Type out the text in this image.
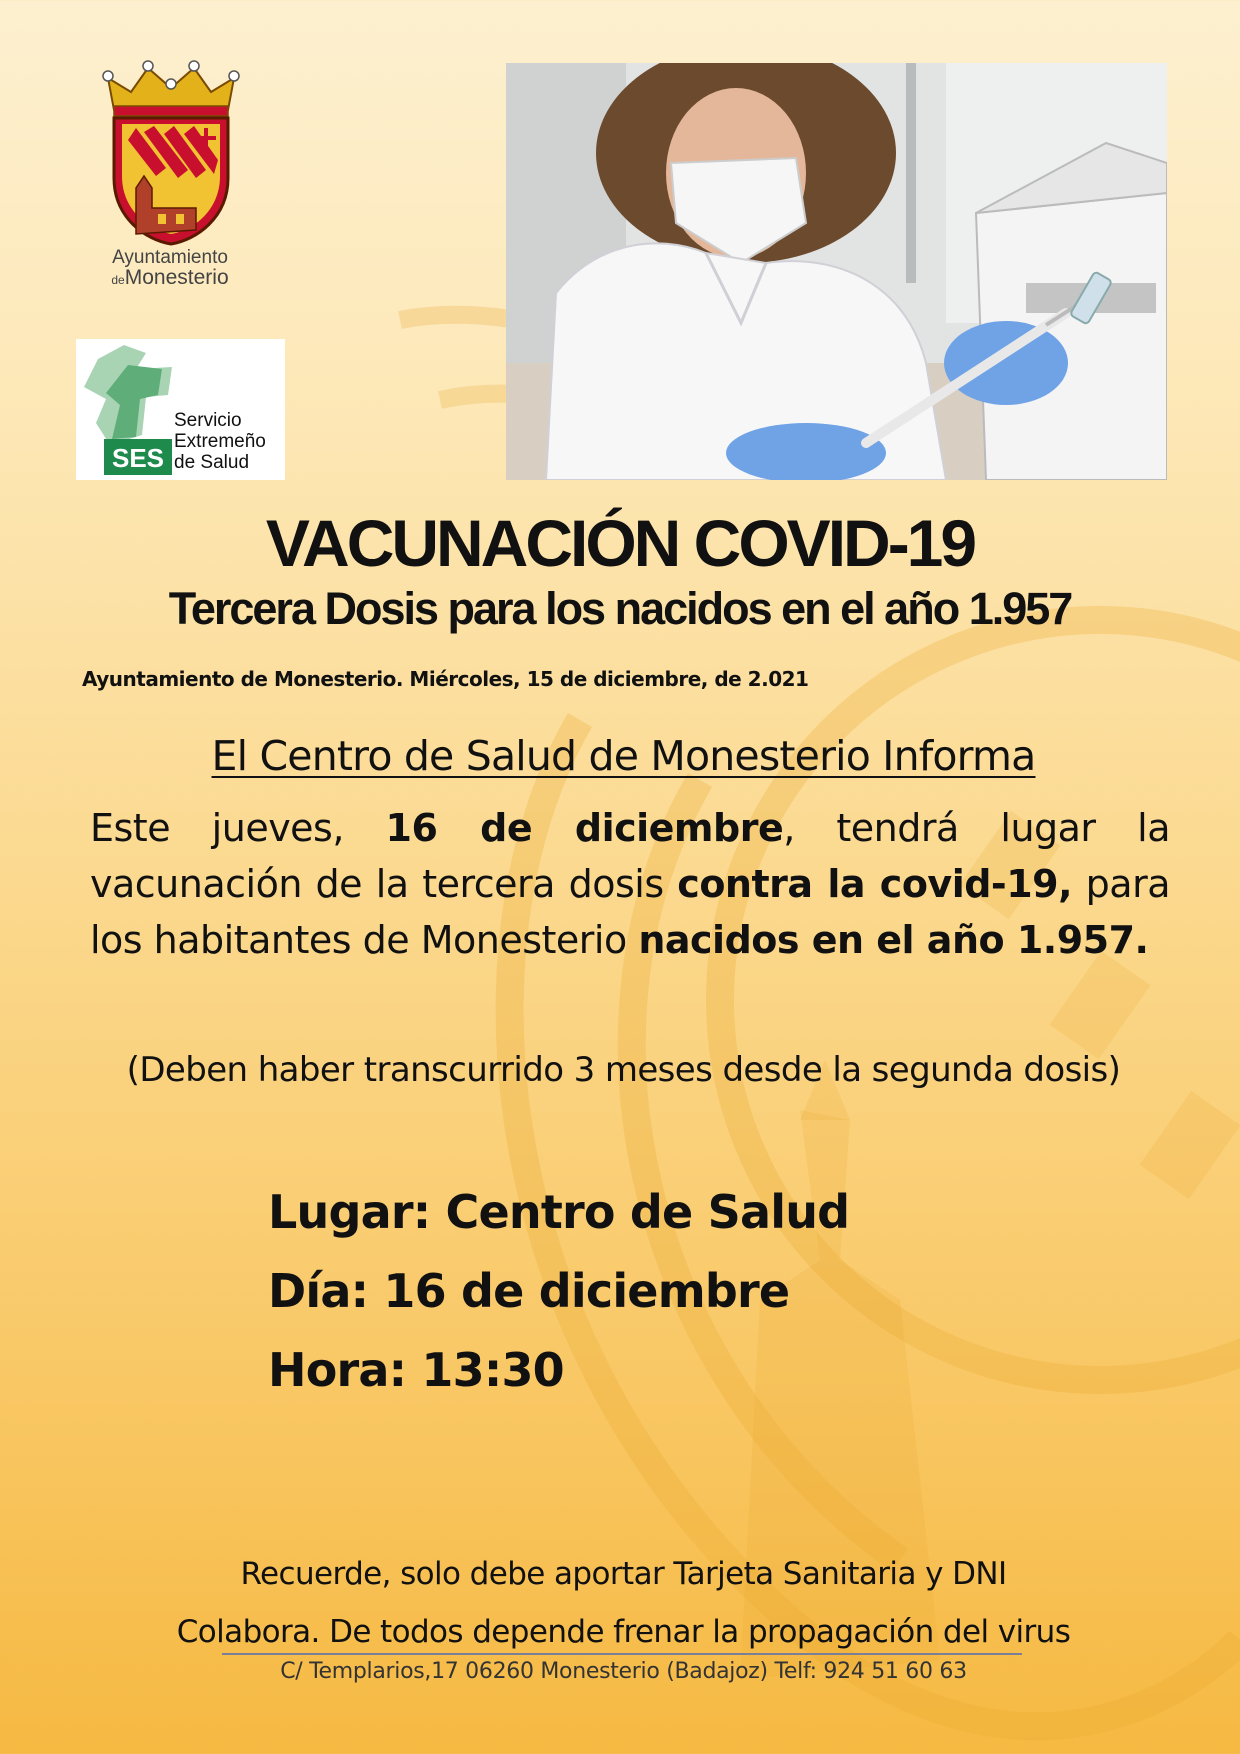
Ayuntamiento
deMonesterio
SES
Servicio
Extremeño
de Salud
VACUNACIÓN COVID-19
Tercera Dosis para los nacidos en el año 1.957
Ayuntamiento de Monesterio. Miércoles, 15 de diciembre, de 2.021
El Centro de Salud de Monesterio Informa
Este jueves, 16 de diciembre, tendrá lugar la vacunación de la tercera dosis contra la covid-19, para los habitantes de Monesterio nacidos en el año 1.957.
(Deben haber transcurrido 3 meses desde la segunda dosis)
Lugar: Centro de Salud
Día: 16 de diciembre
Hora: 13:30
Recuerde, solo debe aportar Tarjeta Sanitaria y DNI
Colabora. De todos depende frenar la propagación del virus
C/ Templarios,17 06260 Monesterio (Badajoz) Telf: 924 51 60 63
